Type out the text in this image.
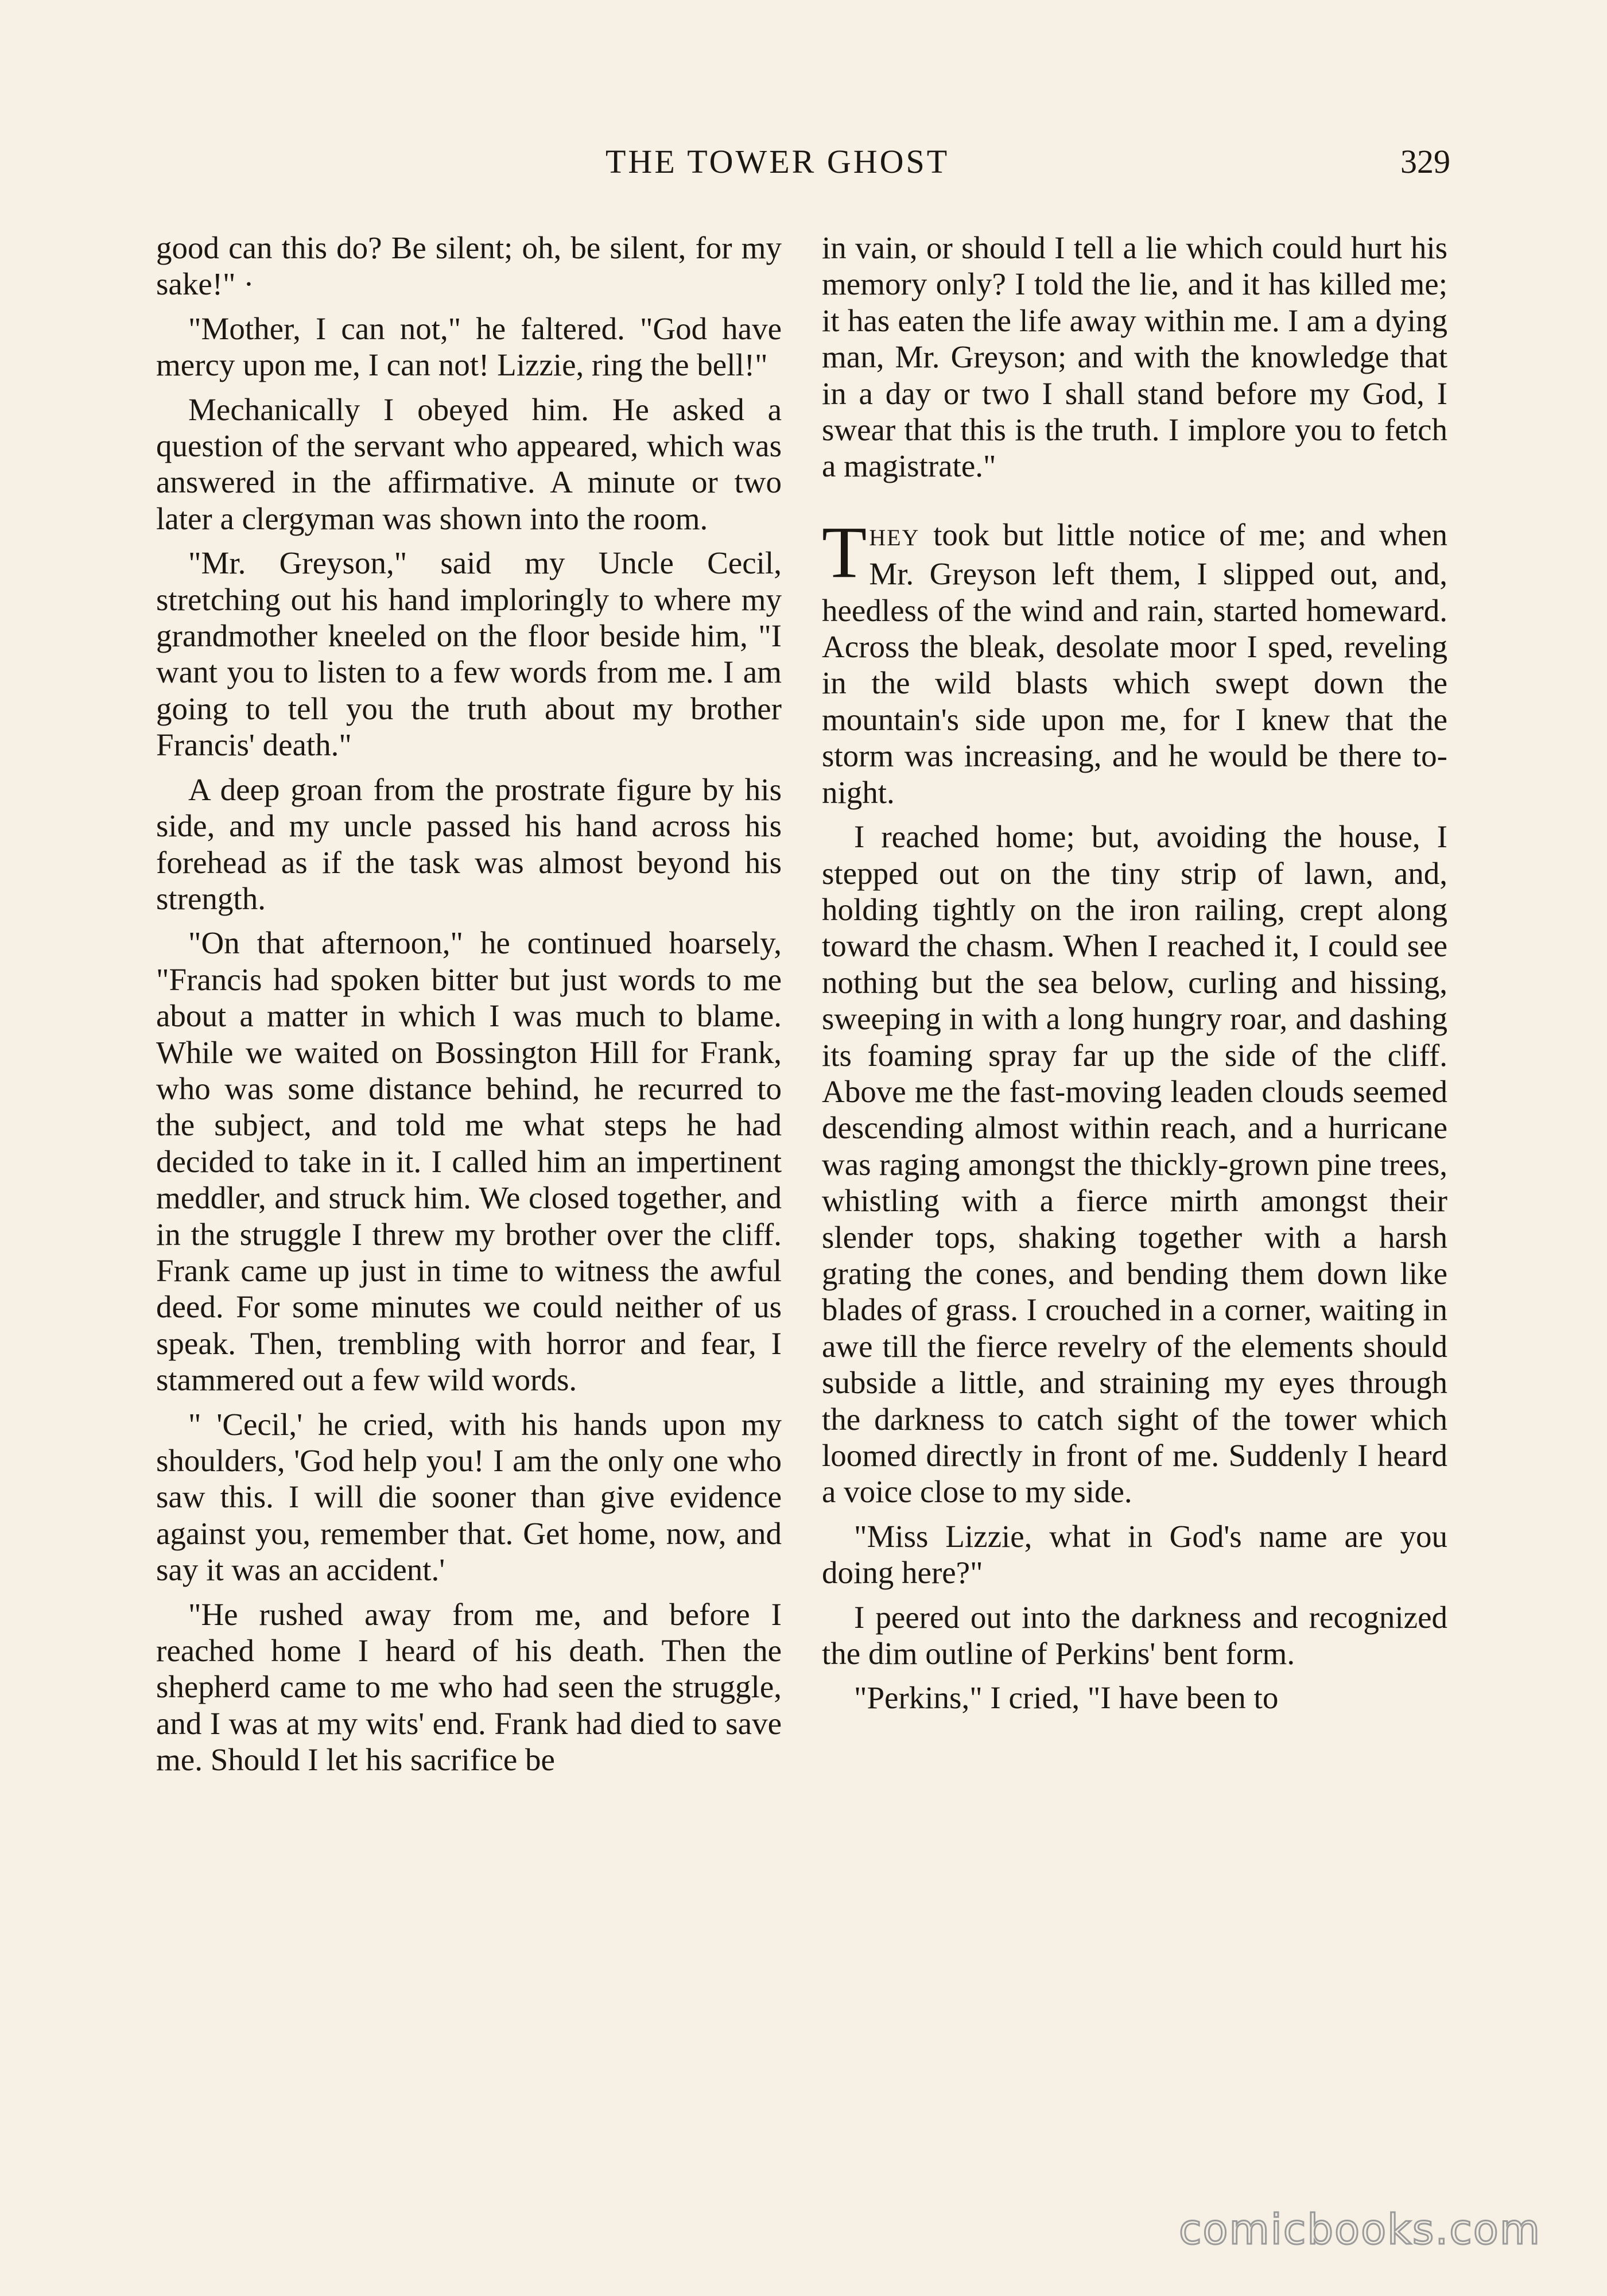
THE TOWER GHOST	329

good can this do? Be silent; oh, be silent, for my sake!" ·

"Mother, I can not," he faltered. "God have mercy upon me, I can not! Lizzie, ring the bell!"

Mechanically I obeyed him. He asked a question of the servant who appeared, which was answered in the affirmative. A minute or two later a clergyman was shown into the room.

"Mr. Greyson," said my Uncle Cecil, stretching out his hand imploringly to where my grandmother kneeled on the floor beside him, "I want you to listen to a few words from me. I am going to tell you the truth about my brother Francis' death."

A deep groan from the prostrate figure by his side, and my uncle passed his hand across his forehead as if the task was almost beyond his strength.

"On that afternoon," he continued hoarsely, "Francis had spoken bitter but just words to me about a matter in which I was much to blame. While we waited on Bossington Hill for Frank, who was some distance behind, he recurred to the subject, and told me what steps he had decided to take in it. I called him an impertinent meddler, and struck him. We closed together, and in the struggle I threw my brother over the cliff. Frank came up just in time to witness the awful deed. For some minutes we could neither of us speak. Then, trembling with horror and fear, I stammered out a few wild words.

" 'Cecil,' he cried, with his hands upon my shoulders, 'God help you! I am the only one who saw this. I will die sooner than give evidence against you, remember that. Get home, now, and say it was an accident.'

"He rushed away from me, and before I reached home I heard of his death. Then the shepherd came to me who had seen the struggle, and I was at my wits' end. Frank had died to save me. Should I let his sacrifice be

in vain, or should I tell a lie which could hurt his memory only? I told the lie, and it has killed me; it has eaten the life away within me. I am a dying man, Mr. Greyson; and with the knowledge that in a day or two I shall stand before my God, I swear that this is the truth. I implore you to fetch a magistrate."

THEY took but little notice of me; and when Mr. Greyson left them, I slipped out, and, heedless of the wind and rain, started homeward. Across the bleak, desolate moor I sped, reveling in the wild blasts which swept down the mountain's side upon me, for I knew that the storm was increasing, and he would be there tonight.

I reached home; but, avoiding the house, I stepped out on the tiny strip of lawn, and, holding tightly on the iron railing, crept along toward the chasm. When I reached it, I could see nothing but the sea below, curling and hissing, sweeping in with a long hungry roar, and dashing its foaming spray far up the side of the cliff. Above me the fast-moving leaden clouds seemed descending almost within reach, and a hurricane was raging amongst the thickly-grown pine trees, whistling with a fierce mirth amongst their slender tops, shaking together with a harsh grating the cones, and bending them down like blades of grass. I crouched in a corner, waiting in awe till the fierce revelry of the elements should subside a little, and straining my eyes through the darkness to catch sight of the tower which loomed directly in front of me. Suddenly I heard a voice close to my side.

"Miss Lizzie, what in God's name are you doing here?"

I peered out into the darkness and recognized the dim outline of Perkins' bent form.

"Perkins," I cried, "I have been to

comicbooks.com
